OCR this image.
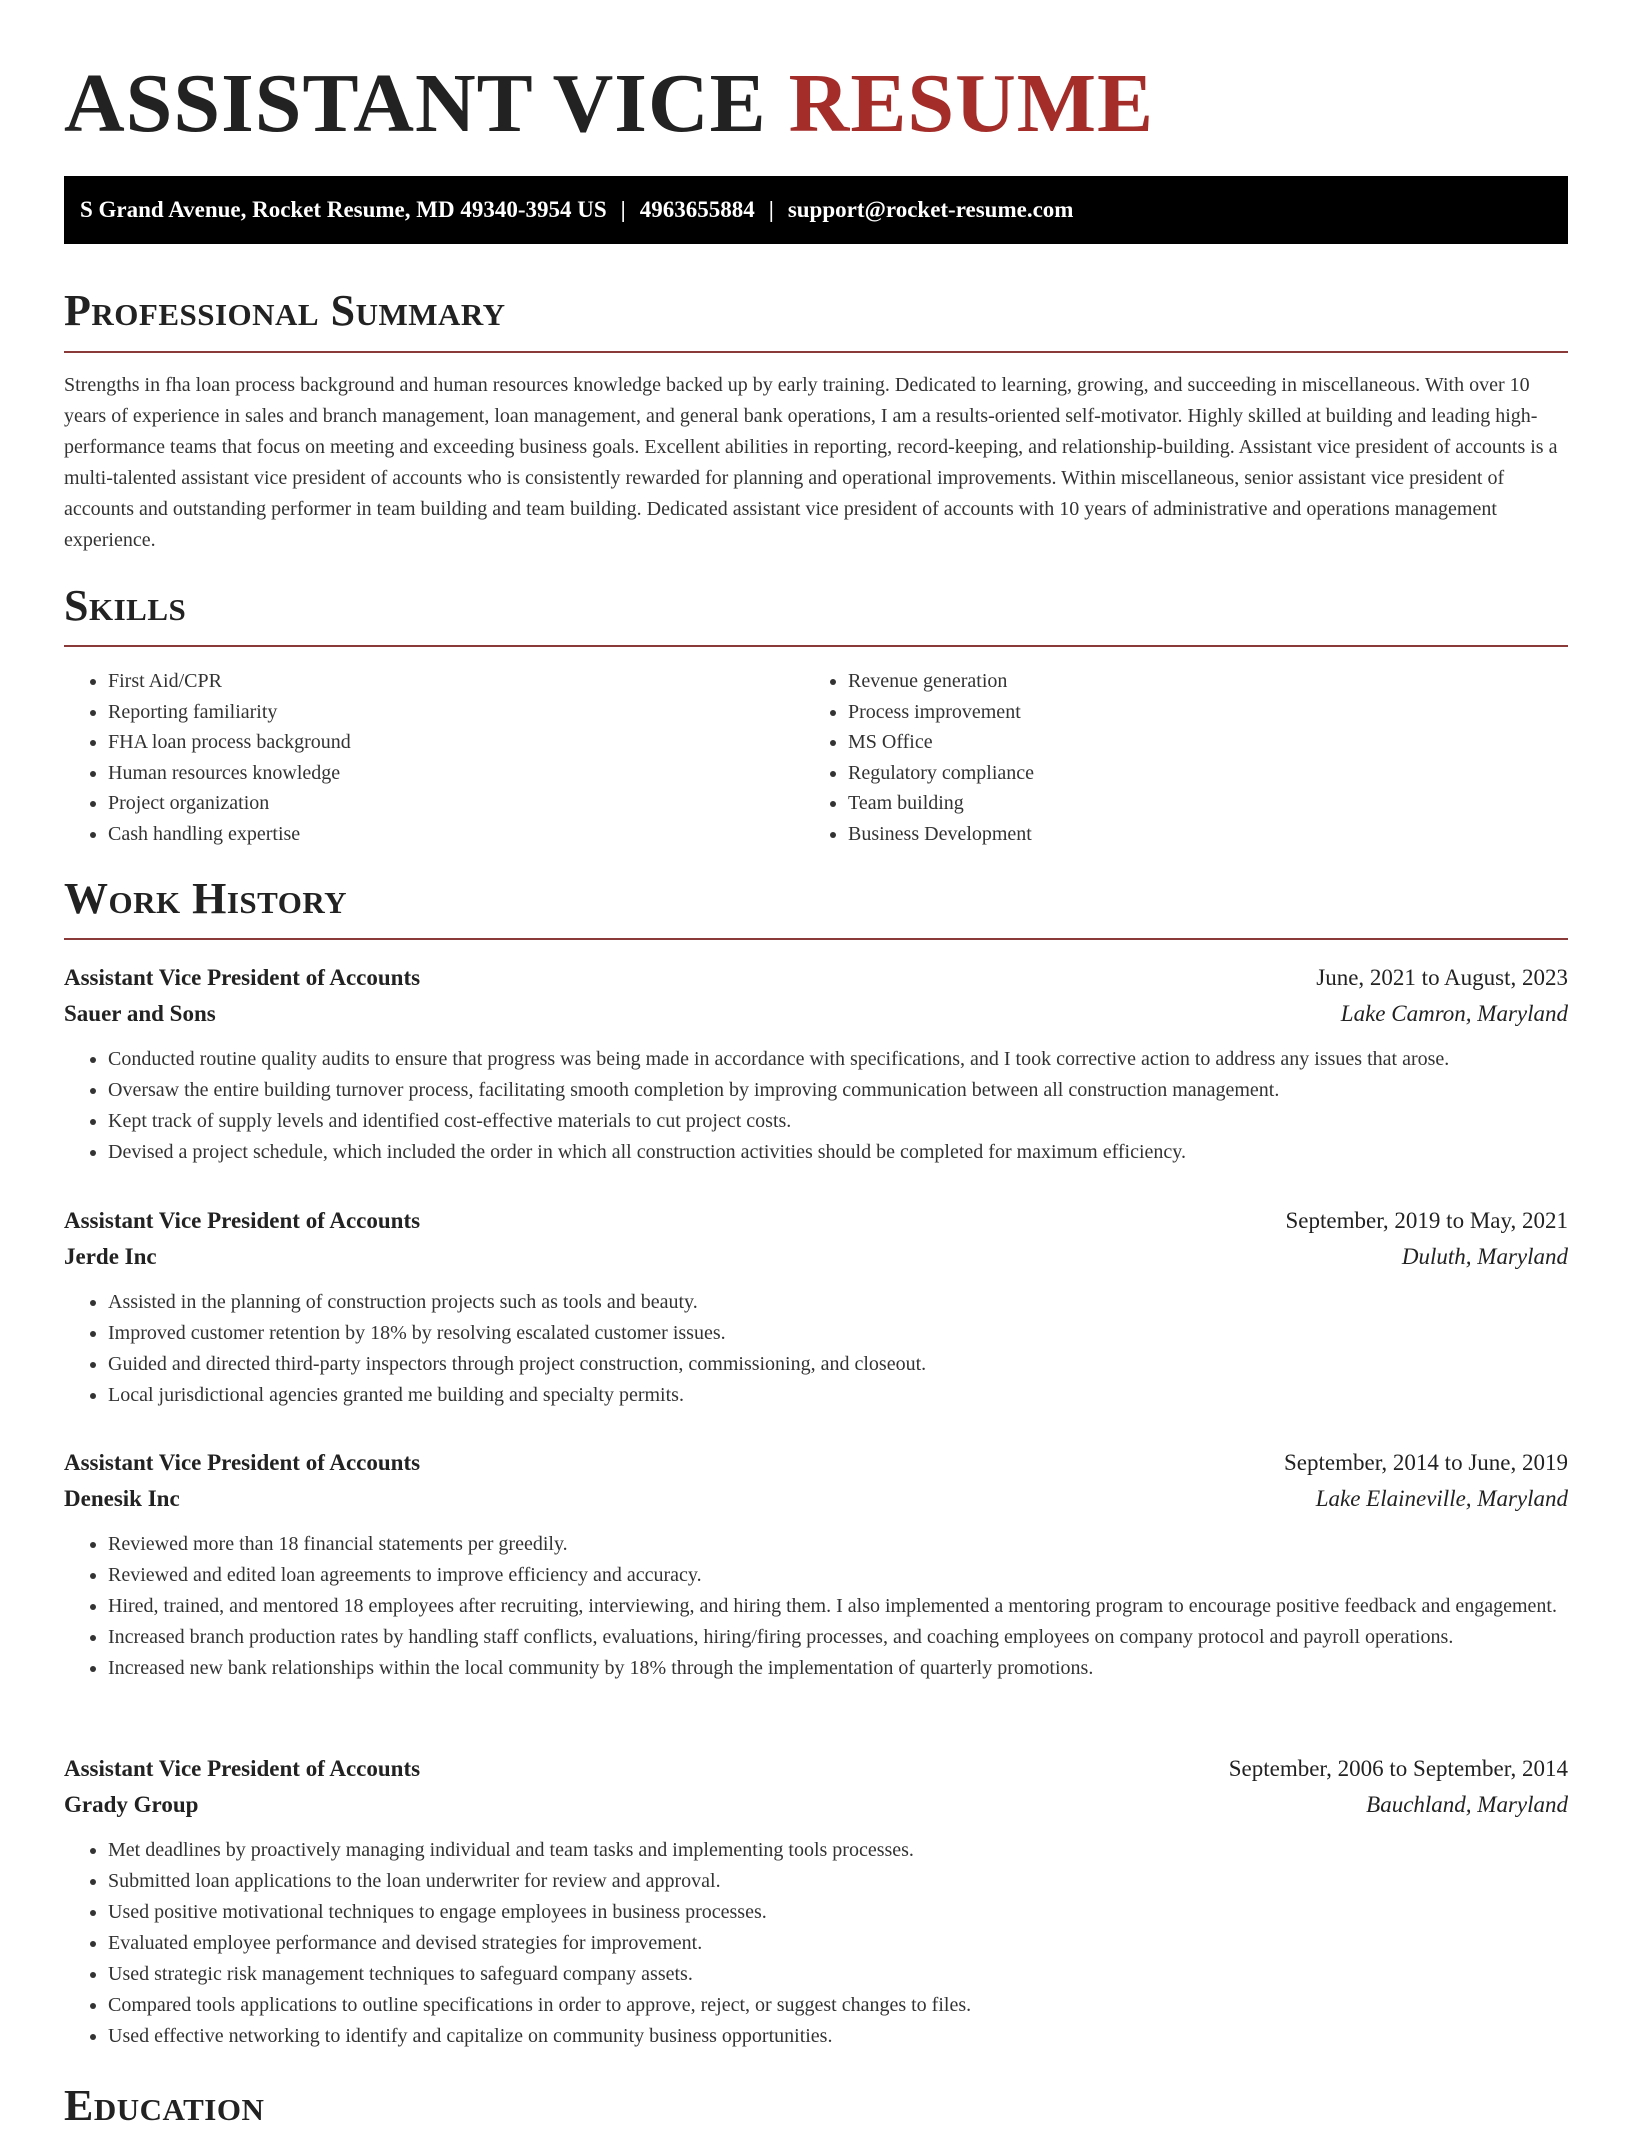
ASSISTANT VICE RESUME
S Grand Avenue, Rocket Resume, MD 49340-3954 US | 4963655884 | support@rocket-resume.com
Professional Summary

Strengths in fha loan process background and human resources knowledge backed up by early training. Dedicated to learning, growing, and succeeding in miscellaneous. With over 10 years of experience in sales and branch management, loan management, and general bank operations, I am a results-oriented self-motivator. Highly skilled at building and leading high-performance teams that focus on meeting and exceeding business goals. Excellent abilities in reporting, record-keeping, and relationship-building. Assistant vice president of accounts is a multi-talented assistant vice president of accounts who is consistently rewarded for planning and operational improvements. Within miscellaneous, senior assistant vice president of accounts and outstanding performer in team building and team building. Dedicated assistant vice president of accounts with 10 years of administrative and operations management experience.

Skills
• First Aid/CPR
• Reporting familiarity
• FHA loan process background
• Human resources knowledge
• Project organization
• Cash handling expertise
• Revenue generation
• Process improvement
• MS Office
• Regulatory compliance
• Team building
• Business Development
Work History
Assistant Vice President of Accounts	June, 2021 to August, 2023
Sauer and Sons	Lake Camron, Maryland
• Conducted routine quality audits to ensure that progress was being made in accordance with specifications, and I took corrective action to address any issues that arose.
• Oversaw the entire building turnover process, facilitating smooth completion by improving communication between all construction management.
• Kept track of supply levels and identified cost-effective materials to cut project costs.
• Devised a project schedule, which included the order in which all construction activities should be completed for maximum efficiency.
Assistant Vice President of Accounts	September, 2019 to May, 2021
Jerde Inc	Duluth, Maryland
• Assisted in the planning of construction projects such as tools and beauty.
• Improved customer retention by 18% by resolving escalated customer issues.
• Guided and directed third-party inspectors through project construction, commissioning, and closeout.
• Local jurisdictional agencies granted me building and specialty permits.
Assistant Vice President of Accounts	September, 2014 to June, 2019
Denesik Inc	Lake Elaineville, Maryland
• Reviewed more than 18 financial statements per greedily.
• Reviewed and edited loan agreements to improve efficiency and accuracy.
• Hired, trained, and mentored 18 employees after recruiting, interviewing, and hiring them. I also implemented a mentoring program to encourage positive feedback and engagement.
• Increased branch production rates by handling staff conflicts, evaluations, hiring/firing processes, and coaching employees on company protocol and payroll operations.
• Increased new bank relationships within the local community by 18% through the implementation of quarterly promotions.
Assistant Vice President of Accounts	September, 2006 to September, 2014
Grady Group	Bauchland, Maryland
• Met deadlines by proactively managing individual and team tasks and implementing tools processes.
• Submitted loan applications to the loan underwriter for review and approval.
• Used positive motivational techniques to engage employees in business processes.
• Evaluated employee performance and devised strategies for improvement.
• Used strategic risk management techniques to safeguard company assets.
• Compared tools applications to outline specifications in order to approve, reject, or suggest changes to files.
• Used effective networking to identify and capitalize on community business opportunities.
Education
